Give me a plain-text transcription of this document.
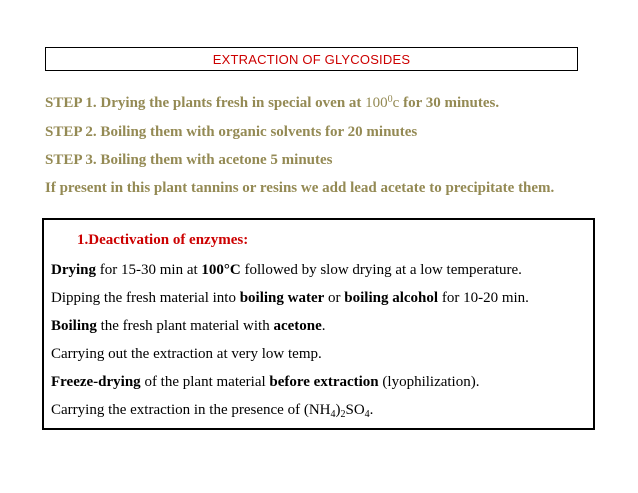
EXTRACTION OF GLYCOSIDES
STEP 1. Drying the plants fresh in special oven at $100^0c$ for 30 minutes.
STEP 2. Boiling them with organic solvents for 20 minutes
STEP 3. Boiling them with acetone 5 minutes
If present in this plant tannins or resins we add lead acetate to precipitate them.
1.Deactivation of enzymes:
Drying for 15-30 min at 100°C followed by slow drying at a low temperature.
Dipping the fresh material into boiling water or boiling alcohol for 10-20 min.
Boiling the fresh plant material with acetone.
Carrying out the extraction at very low temp.
Freeze-drying of the plant material before extraction (lyophilization).
Carrying the extraction in the presence of $(NH_4)_2SO_4$.
